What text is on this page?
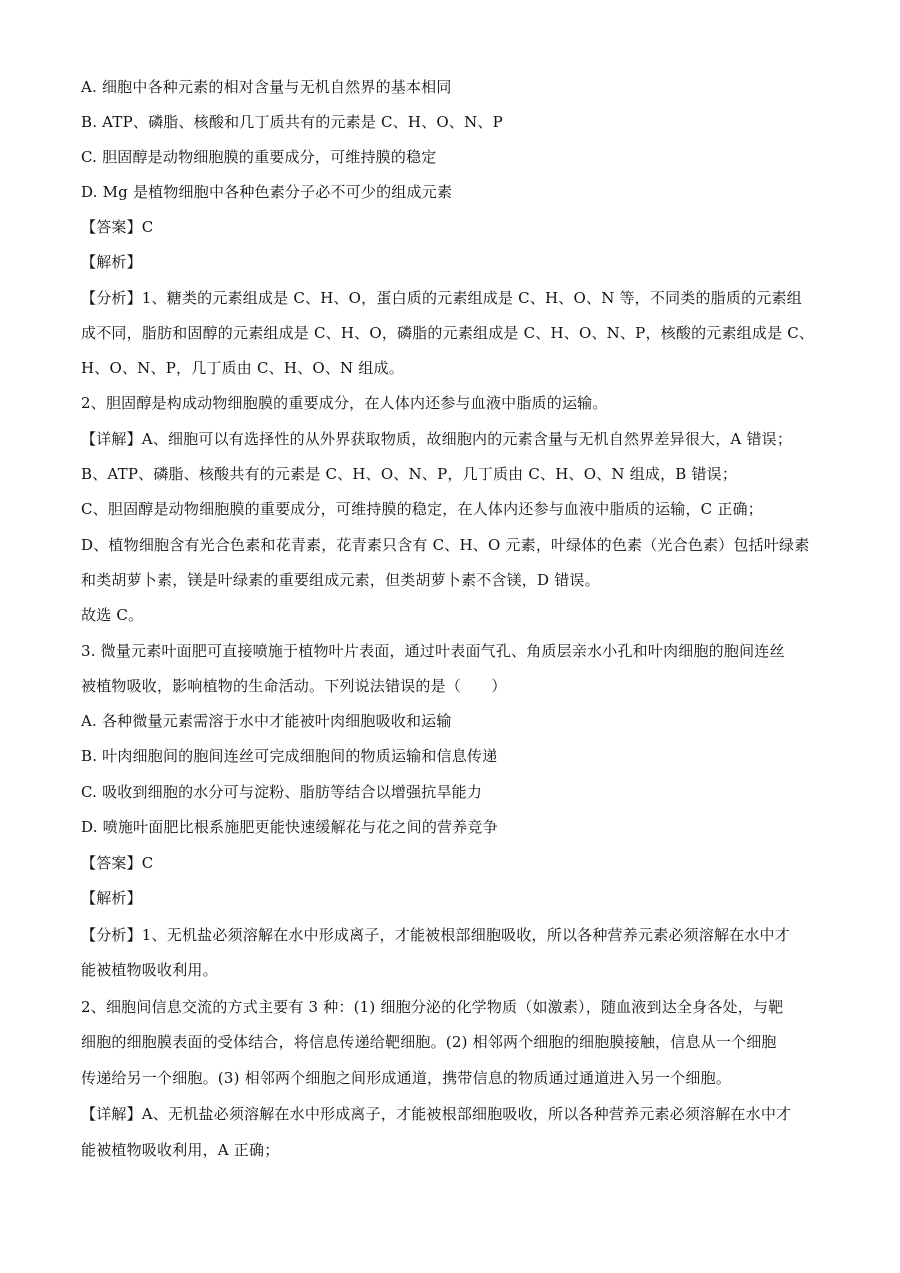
A. 细胞中各种元素的相对含量与无机自然界的基本相同
B. ATP、磷脂、核酸和几丁质共有的元素是 C、H、O、N、P
C. 胆固醇是动物细胞膜的重要成分，可维持膜的稳定
D. Mg 是植物细胞中各种色素分子必不可少的组成元素
【答案】C
【解析】
【分析】1、糖类的元素组成是 C、H、O，蛋白质的元素组成是 C、H、O、N 等，不同类的脂质的元素组
成不同，脂肪和固醇的元素组成是 C、H、O，磷脂的元素组成是 C、H、O、N、P，核酸的元素组成是 C、
H、O、N、P，几丁质由 C、H、O、N 组成。
2、胆固醇是构成动物细胞膜的重要成分，在人体内还参与血液中脂质的运输。
【详解】A、细胞可以有选择性的从外界获取物质，故细胞内的元素含量与无机自然界差异很大，A 错误；
B、ATP、磷脂、核酸共有的元素是 C、H、O、N、P，几丁质由 C、H、O、N 组成，B 错误；
C、胆固醇是动物细胞膜的重要成分，可维持膜的稳定，在人体内还参与血液中脂质的运输，C 正确；
D、植物细胞含有光合色素和花青素，花青素只含有 C、H、O 元素，叶绿体的色素（光合色素）包括叶绿素
和类胡萝卜素，镁是叶绿素的重要组成元素，但类胡萝卜素不含镁，D 错误。
故选 C。
3. 微量元素叶面肥可直接喷施于植物叶片表面，通过叶表面气孔、角质层亲水小孔和叶肉细胞的胞间连丝
被植物吸收，影响植物的生命活动。下列说法错误的是（　　）
A. 各种微量元素需溶于水中才能被叶肉细胞吸收和运输
B. 叶肉细胞间的胞间连丝可完成细胞间的物质运输和信息传递
C. 吸收到细胞的水分可与淀粉、脂肪等结合以增强抗旱能力
D. 喷施叶面肥比根系施肥更能快速缓解花与花之间的营养竞争
【答案】C
【解析】
【分析】1、无机盐必须溶解在水中形成离子，才能被根部细胞吸收，所以各种营养元素必须溶解在水中才
能被植物吸收利用。
2、细胞间信息交流的方式主要有 3 种：(1) 细胞分泌的化学物质（如激素），随血液到达全身各处，与靶
细胞的细胞膜表面的受体结合，将信息传递给靶细胞。(2) 相邻两个细胞的细胞膜接触，信息从一个细胞
传递给另一个细胞。(3) 相邻两个细胞之间形成通道，携带信息的物质通过通道进入另一个细胞。
【详解】A、无机盐必须溶解在水中形成离子，才能被根部细胞吸收，所以各种营养元素必须溶解在水中才
能被植物吸收利用，A 正确；
